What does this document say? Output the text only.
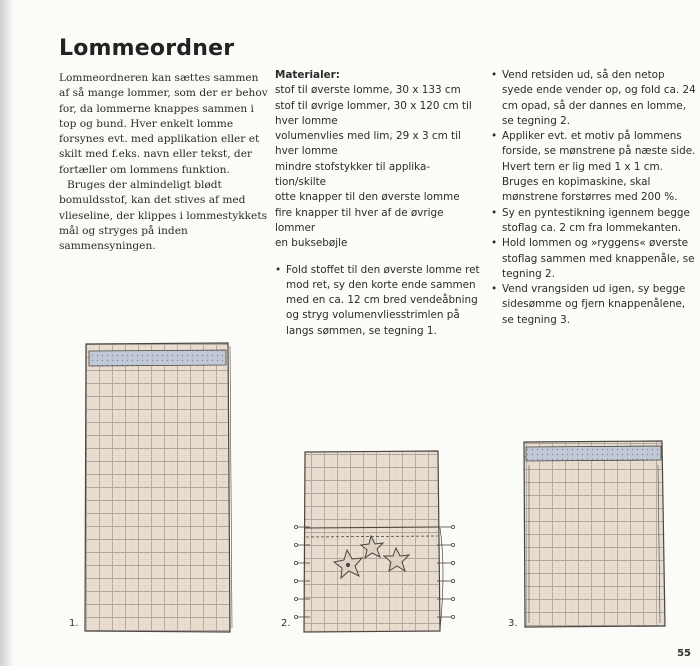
Lommeordner

Lommeordneren kan sættes sammen af så mange lommer, som der er behov for, da lommerne knappes sammen i top og bund. Hver enkelt lomme forsynes evt. med applikation eller et skilt med f.eks. navn eller tekst, der fortæller om lommens funktion.

Bruges der almindeligt blødt bomuldsstof, kan det stives af med vlieseline, der klippes i lommestykkets mål og stryges på inden sammensyningen.

Materialer:
stof til øverste lomme, 30 x 133 cm
stof til øvrige lommer, 30 x 120 cm til
hver lomme
volumenvlies med lim, 29 x 3 cm til
hver lomme
mindre stofstykker til applika-
tion/skilte
otte knapper til den øverste lomme
fire knapper til hver af de øvrige
lommer
en buksebøjle
• Fold stoffet til den øverste lomme ret mod ret, sy den korte ende sammen med en ca. 12 cm bred vendeåbning og stryg volumenvliesstrimlen på langs sømmen, se tegning 1.
• Vend retsiden ud, så den netop syede ende vender op, og fold ca. 24 cm opad, så der dannes en lomme, se tegning 2.
• Appliker evt. et motiv på lommens forside, se mønstrene på næste side. Hvert tern er lig med 1 x 1 cm. Bruges en kopimaskine, skal mønstrene forstørres med 200 %.
• Sy en pyntestikning igennem begge stoflag ca. 2 cm fra lommekanten.
• Hold lommen og »ryggens« øverste stoflag sammen med knappenåle, se tegning 2.
• Vend vrangsiden ud igen, sy begge sidesømme og fjern knappenålene, se tegning 3.
1.	2.	3.
55
